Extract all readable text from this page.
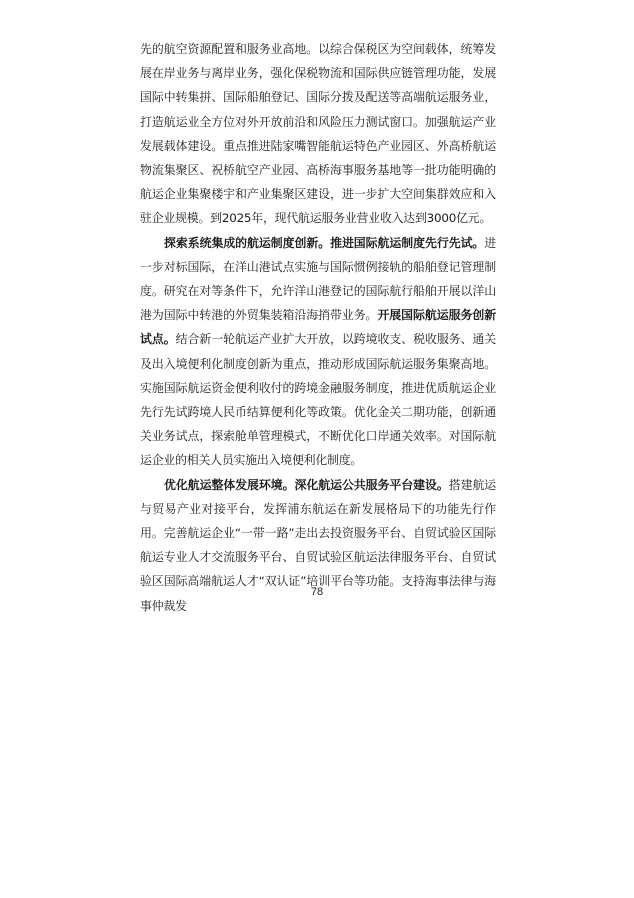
先的航空资源配置和服务业高地。以综合保税区为空间载体，统筹发展在岸业务与离岸业务，强化保税物流和国际供应链管理功能，发展国际中转集拼、国际船舶登记、国际分拨及配送等高端航运服务业，打造航运业全方位对外开放前沿和风险压力测试窗口。加强航运产业发展载体建设。重点推进陆家嘴智能航运特色产业园区、外高桥航运物流集聚区、祝桥航空产业园、高桥海事服务基地等一批功能明确的航运企业集聚楼宇和产业集聚区建设，进一步扩大空间集群效应和入驻企业规模。到2025年，现代航运服务业营业收入达到3000亿元。

探索系统集成的航运制度创新。推进国际航运制度先行先试。进一步对标国际，在洋山港试点实施与国际惯例接轨的船舶登记管理制度。研究在对等条件下，允许洋山港登记的国际航行船舶开展以洋山港为国际中转港的外贸集装箱沿海捎带业务。开展国际航运服务创新试点。结合新一轮航运产业扩大开放，以跨境收支、税收服务、通关及出入境便利化制度创新为重点，推动形成国际航运服务集聚高地。实施国际航运资金便利收付的跨境金融服务制度，推进优质航运企业先行先试跨境人民币结算便利化等政策。优化金关二期功能，创新通关业务试点，探索舱单管理模式，不断优化口岸通关效率。对国际航运企业的相关人员实施出入境便利化制度。

优化航运整体发展环境。深化航运公共服务平台建设。搭建航运与贸易产业对接平台，发挥浦东航运在新发展格局下的功能先行作用。完善航运企业“一带一路”走出去投资服务平台、自贸试验区国际航运专业人才交流服务平台、自贸试验区航运法律服务平台、自贸试验区国际高端航运人才“双认证”培训平台等功能。支持海事法律与海事仲裁发

78
